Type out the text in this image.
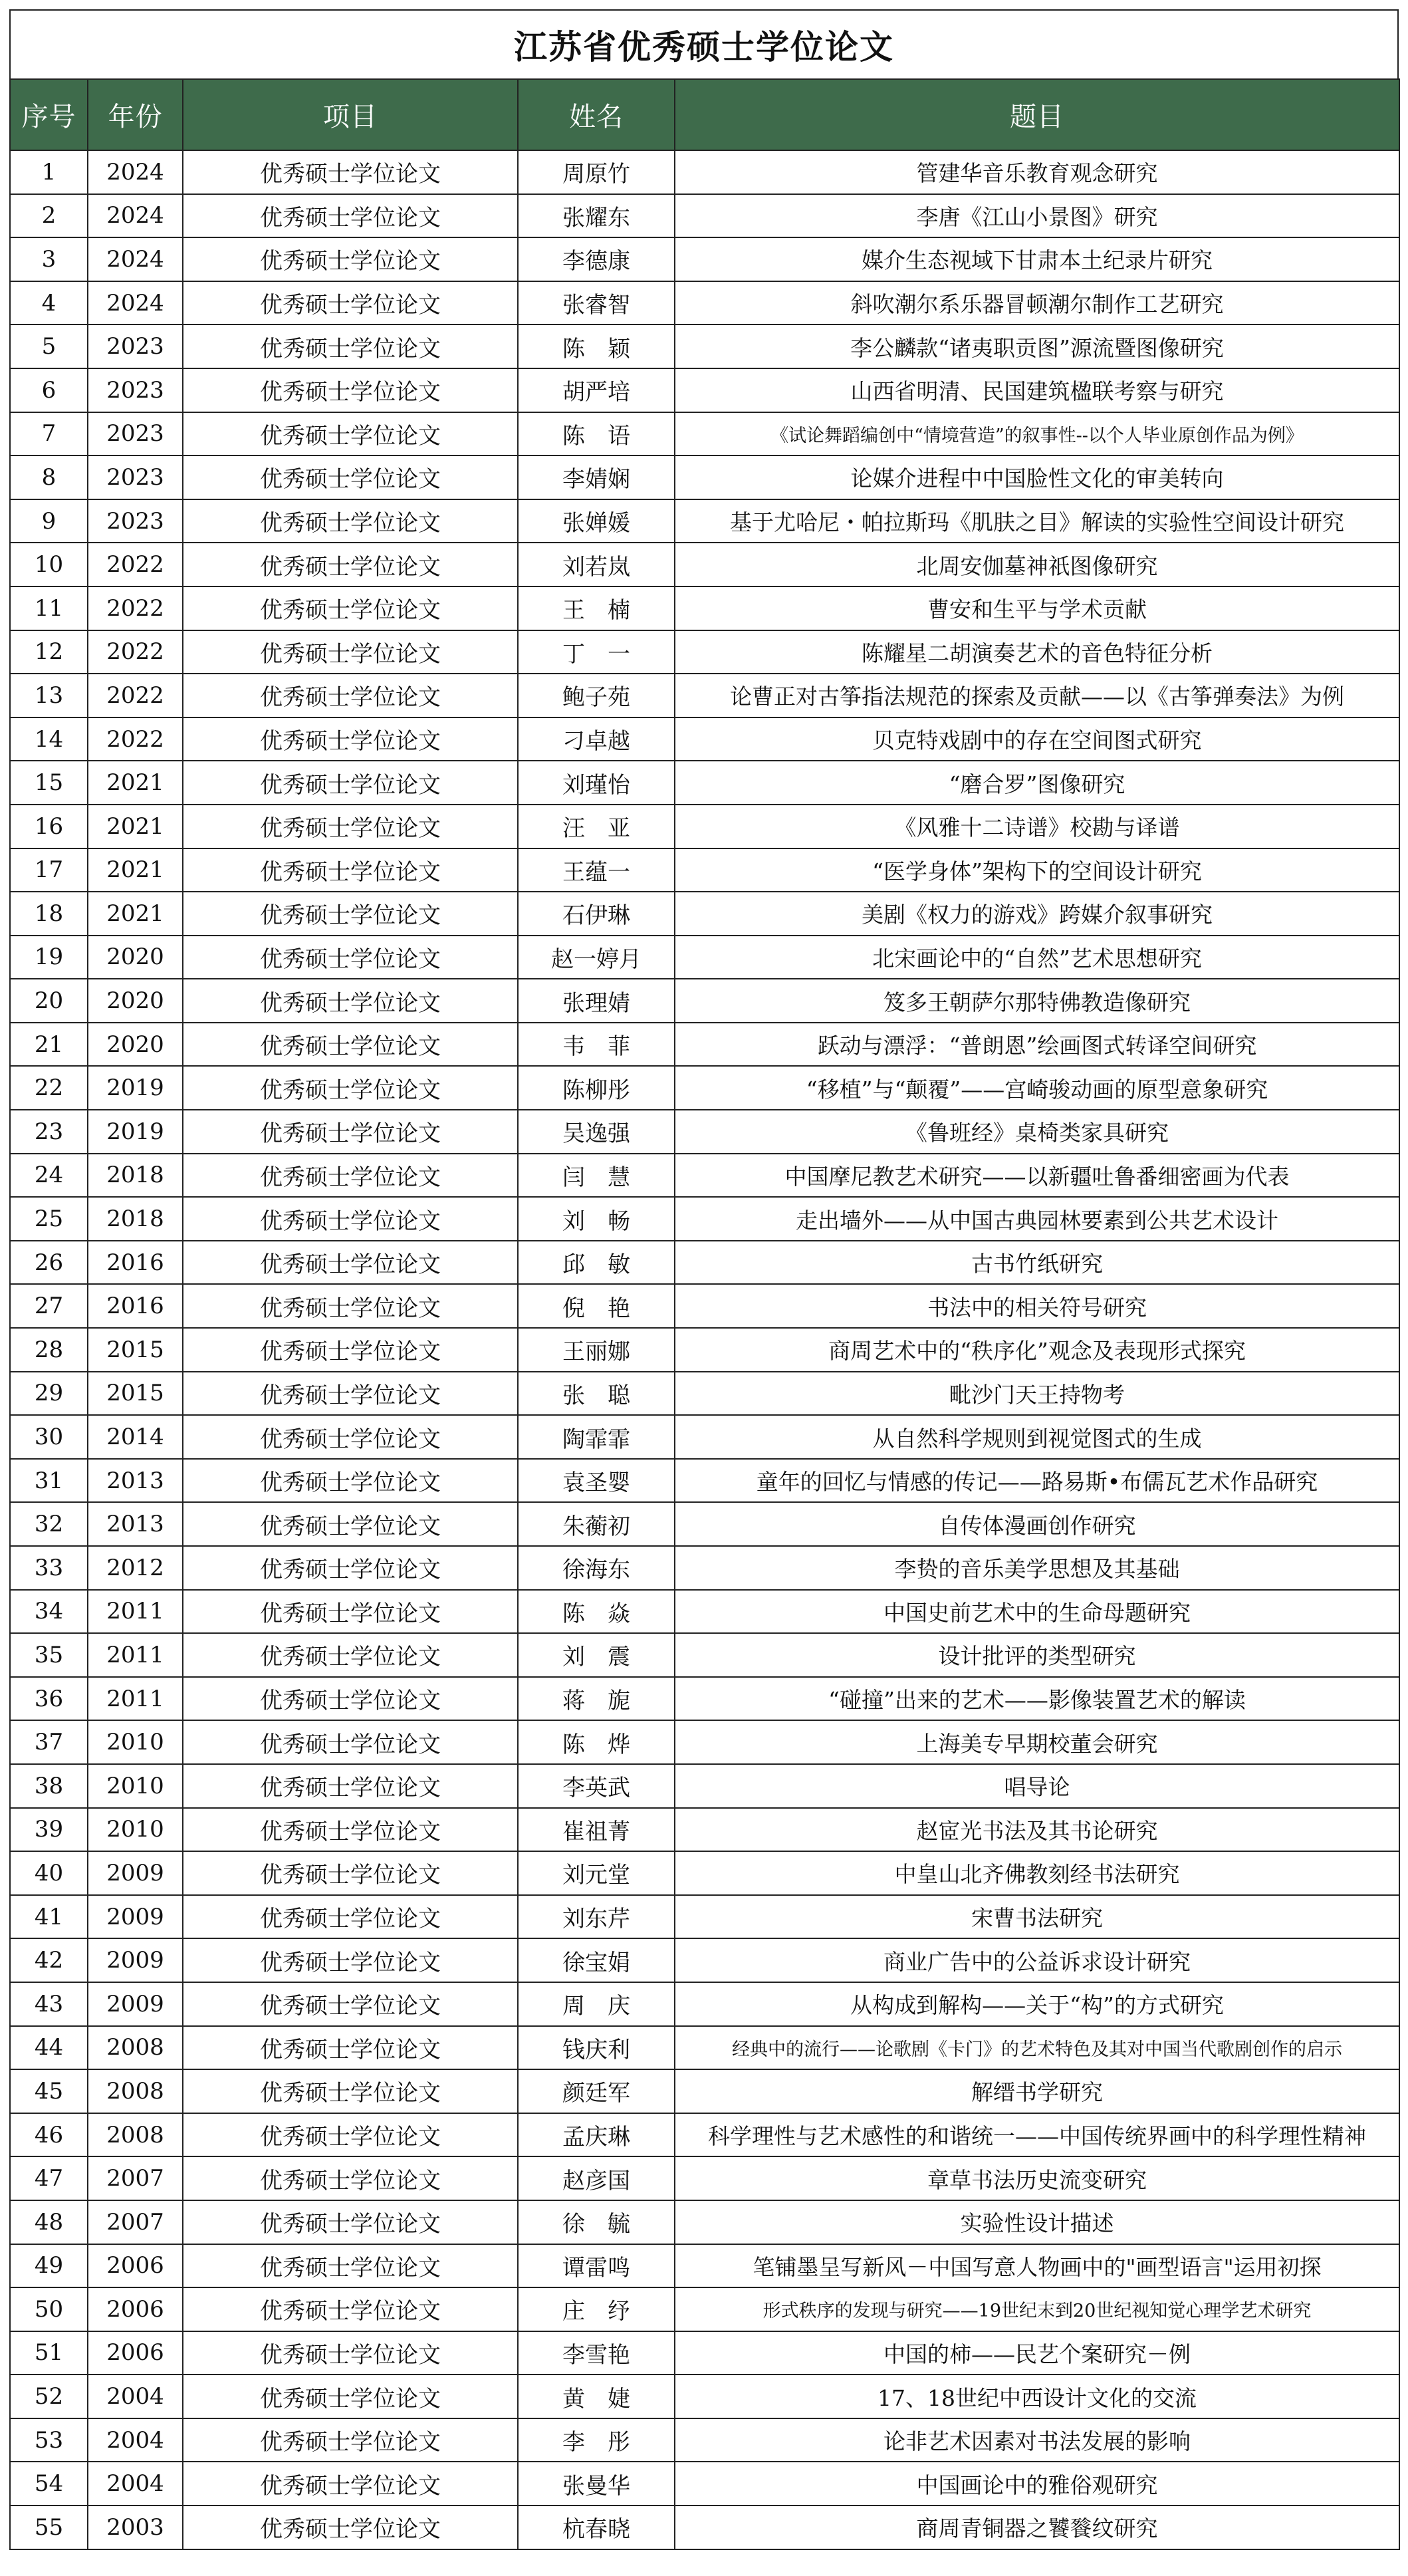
江苏省优秀硕士学位论文
序号	年份	项目	姓名	题目
1	2024	优秀硕士学位论文	周原竹	管建华音乐教育观念研究
2	2024	优秀硕士学位论文	张耀东	李唐《江山小景图》研究
3	2024	优秀硕士学位论文	李德康	媒介生态视域下甘肃本土纪录片研究
4	2024	优秀硕士学位论文	张睿智	斜吹潮尔系乐器冒顿潮尔制作工艺研究
5	2023	优秀硕士学位论文	陈　颖	李公麟款“诸夷职贡图”源流暨图像研究
6	2023	优秀硕士学位论文	胡严培	山西省明清、民国建筑楹联考察与研究
7	2023	优秀硕士学位论文	陈　语	《试论舞蹈编创中“情境营造”的叙事性--以个人毕业原创作品为例》
8	2023	优秀硕士学位论文	李婧娴	论媒介进程中中国脸性文化的审美转向
9	2023	优秀硕士学位论文	张婵媛	基于尤哈尼・帕拉斯玛《肌肤之目》解读的实验性空间设计研究
10	2022	优秀硕士学位论文	刘若岚	北周安伽墓神祇图像研究
11	2022	优秀硕士学位论文	王　楠	曹安和生平与学术贡献
12	2022	优秀硕士学位论文	丁　一	陈耀星二胡演奏艺术的音色特征分析
13	2022	优秀硕士学位论文	鲍子苑	论曹正对古筝指法规范的探索及贡献——以《古筝弹奏法》为例
14	2022	优秀硕士学位论文	刁卓越	贝克特戏剧中的存在空间图式研究
15	2021	优秀硕士学位论文	刘瑾怡	“磨合罗”图像研究
16	2021	优秀硕士学位论文	汪　亚	《风雅十二诗谱》校勘与译谱
17	2021	优秀硕士学位论文	王蕴一	“医学身体”架构下的空间设计研究
18	2021	优秀硕士学位论文	石伊琳	美剧《权力的游戏》跨媒介叙事研究
19	2020	优秀硕士学位论文	赵一婷月	北宋画论中的“自然”艺术思想研究
20	2020	优秀硕士学位论文	张理婧	笈多王朝萨尔那特佛教造像研究
21	2020	优秀硕士学位论文	韦　菲	跃动与漂浮：“普朗恩”绘画图式转译空间研究
22	2019	优秀硕士学位论文	陈柳彤	“移植”与“颠覆”——宫崎骏动画的原型意象研究
23	2019	优秀硕士学位论文	吴逸强	《鲁班经》桌椅类家具研究
24	2018	优秀硕士学位论文	闫　慧	中国摩尼教艺术研究——以新疆吐鲁番细密画为代表
25	2018	优秀硕士学位论文	刘　畅	走出墙外——从中国古典园林要素到公共艺术设计
26	2016	优秀硕士学位论文	邱　敏	古书竹纸研究
27	2016	优秀硕士学位论文	倪　艳	书法中的相关符号研究
28	2015	优秀硕士学位论文	王丽娜	商周艺术中的“秩序化”观念及表现形式探究
29	2015	优秀硕士学位论文	张　聪	毗沙门天王持物考
30	2014	优秀硕士学位论文	陶霏霏	从自然科学规则到视觉图式的生成
31	2013	优秀硕士学位论文	袁圣婴	童年的回忆与情感的传记——路易斯•布儒瓦艺术作品研究
32	2013	优秀硕士学位论文	朱蘅初	自传体漫画创作研究
33	2012	优秀硕士学位论文	徐海东	李贽的音乐美学思想及其基础
34	2011	优秀硕士学位论文	陈　焱	中国史前艺术中的生命母题研究
35	2011	优秀硕士学位论文	刘　震	设计批评的类型研究
36	2011	优秀硕士学位论文	蒋　旎	“碰撞”出来的艺术——影像装置艺术的解读
37	2010	优秀硕士学位论文	陈　烨	上海美专早期校董会研究
38	2010	优秀硕士学位论文	李英武	唱导论
39	2010	优秀硕士学位论文	崔祖菁	赵宧光书法及其书论研究
40	2009	优秀硕士学位论文	刘元堂	中皇山北齐佛教刻经书法研究
41	2009	优秀硕士学位论文	刘东芹	宋曹书法研究
42	2009	优秀硕士学位论文	徐宝娟	商业广告中的公益诉求设计研究
43	2009	优秀硕士学位论文	周　庆	从构成到解构——关于“构”的方式研究
44	2008	优秀硕士学位论文	钱庆利	经典中的流行——论歌剧《卡门》的艺术特色及其对中国当代歌剧创作的启示
45	2008	优秀硕士学位论文	颜廷军	解缙书学研究
46	2008	优秀硕士学位论文	孟庆琳	科学理性与艺术感性的和谐统一——中国传统界画中的科学理性精神
47	2007	优秀硕士学位论文	赵彦国	章草书法历史流变研究
48	2007	优秀硕士学位论文	徐　毓	实验性设计描述
49	2006	优秀硕士学位论文	谭雷鸣	笔铺墨呈写新风－中国写意人物画中的"画型语言"运用初探
50	2006	优秀硕士学位论文	庄　纾	形式秩序的发现与研究——19世纪末到20世纪视知觉心理学艺术研究
51	2006	优秀硕士学位论文	李雪艳	中国的柿——民艺个案研究－例
52	2004	优秀硕士学位论文	黄　婕	17、18世纪中西设计文化的交流
53	2004	优秀硕士学位论文	李　彤	论非艺术因素对书法发展的影响
54	2004	优秀硕士学位论文	张曼华	中国画论中的雅俗观研究
55	2003	优秀硕士学位论文	杭春晓	商周青铜器之饕餮纹研究
